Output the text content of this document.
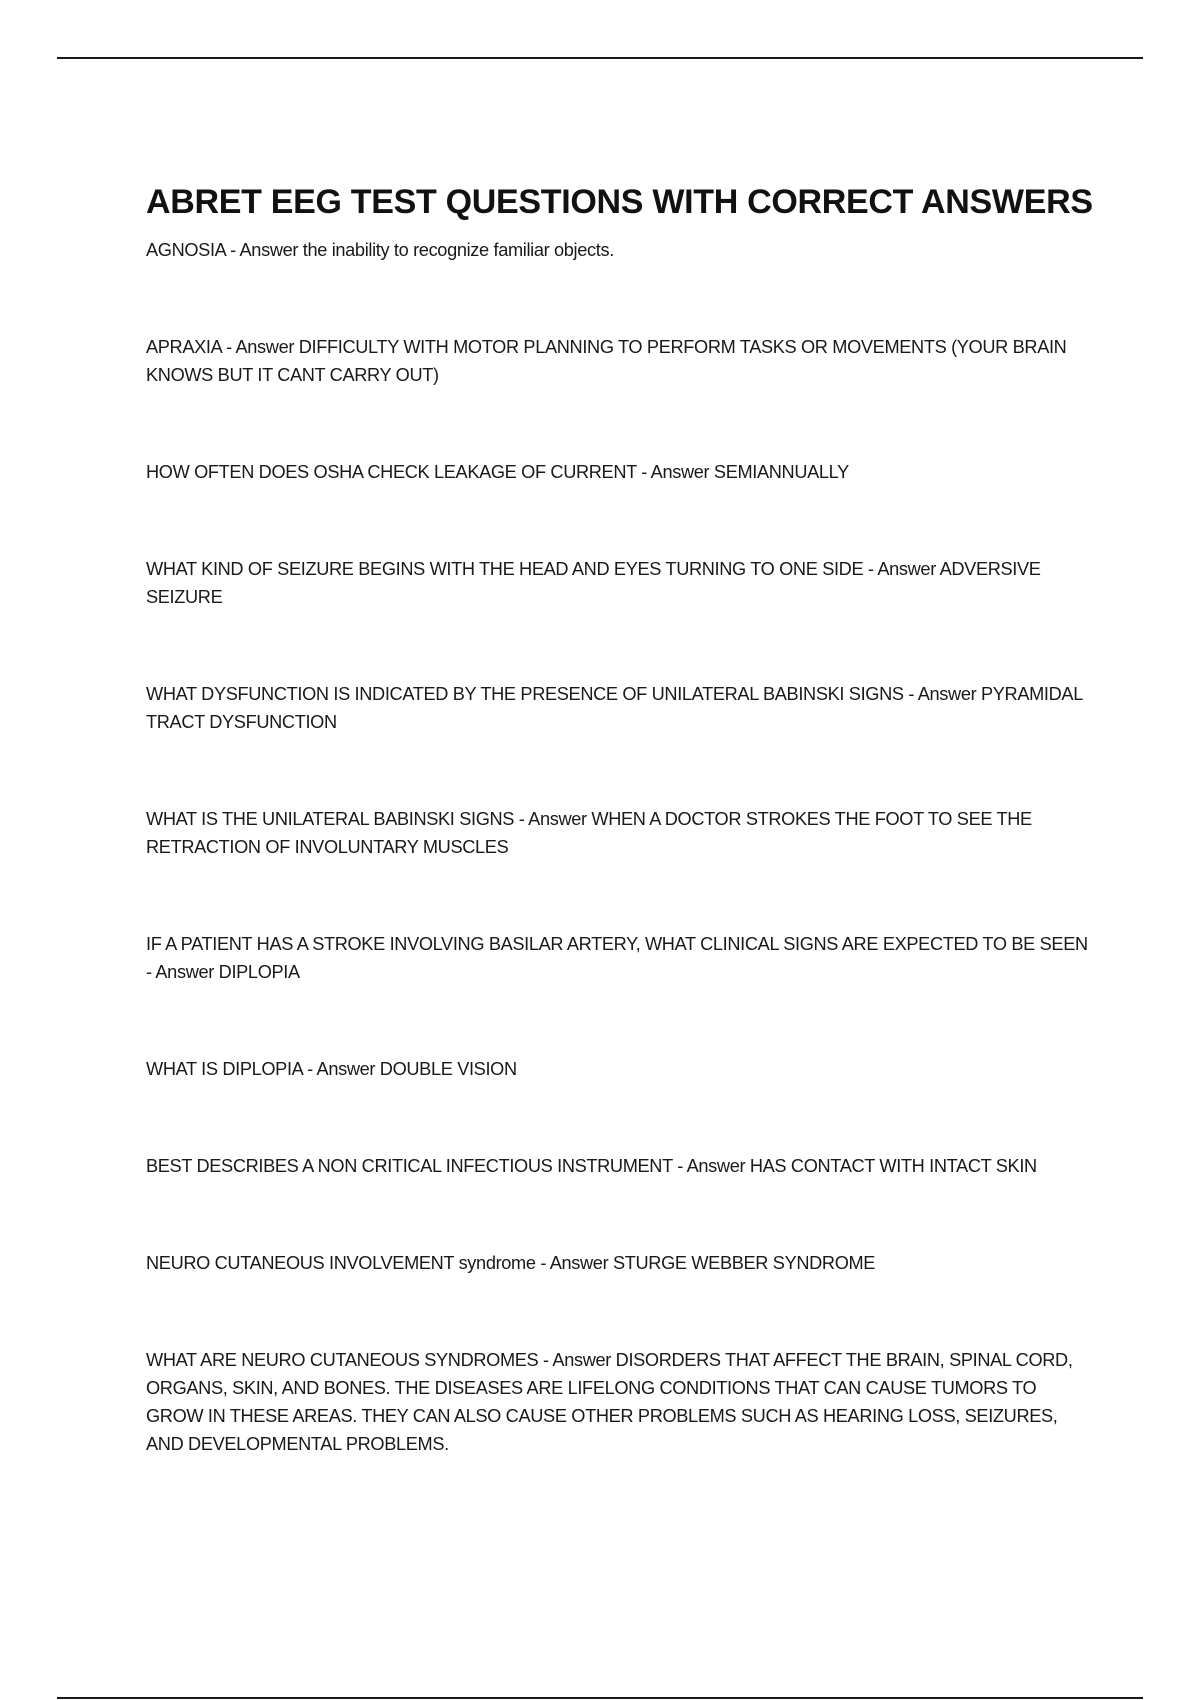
ABRET EEG TEST QUESTIONS WITH CORRECT ANSWERS
AGNOSIA - Answer the inability to recognize familiar objects.
APRAXIA - Answer DIFFICULTY WITH MOTOR PLANNING TO PERFORM TASKS OR MOVEMENTS (YOUR BRAIN KNOWS BUT IT CANT CARRY OUT)
HOW OFTEN DOES OSHA CHECK LEAKAGE OF CURRENT - Answer SEMIANNUALLY
WHAT KIND OF SEIZURE BEGINS WITH THE HEAD AND EYES TURNING TO ONE SIDE - Answer ADVERSIVE SEIZURE
WHAT DYSFUNCTION IS INDICATED BY THE PRESENCE OF UNILATERAL BABINSKI SIGNS - Answer PYRAMIDAL TRACT DYSFUNCTION
WHAT IS THE UNILATERAL BABINSKI SIGNS - Answer WHEN A DOCTOR STROKES THE FOOT TO SEE THE RETRACTION OF INVOLUNTARY MUSCLES
IF A PATIENT HAS A STROKE INVOLVING BASILAR ARTERY, WHAT CLINICAL SIGNS ARE EXPECTED TO BE SEEN - Answer DIPLOPIA
WHAT IS DIPLOPIA - Answer DOUBLE VISION
BEST DESCRIBES A NON CRITICAL INFECTIOUS INSTRUMENT - Answer HAS CONTACT WITH INTACT SKIN
NEURO CUTANEOUS INVOLVEMENT syndrome - Answer STURGE WEBBER SYNDROME
WHAT ARE NEURO CUTANEOUS SYNDROMES - Answer DISORDERS THAT AFFECT THE BRAIN, SPINAL CORD, ORGANS, SKIN, AND BONES. THE DISEASES ARE LIFELONG CONDITIONS THAT CAN CAUSE TUMORS TO GROW IN THESE AREAS. THEY CAN ALSO CAUSE OTHER PROBLEMS SUCH AS HEARING LOSS, SEIZURES, AND DEVELOPMENTAL PROBLEMS.
